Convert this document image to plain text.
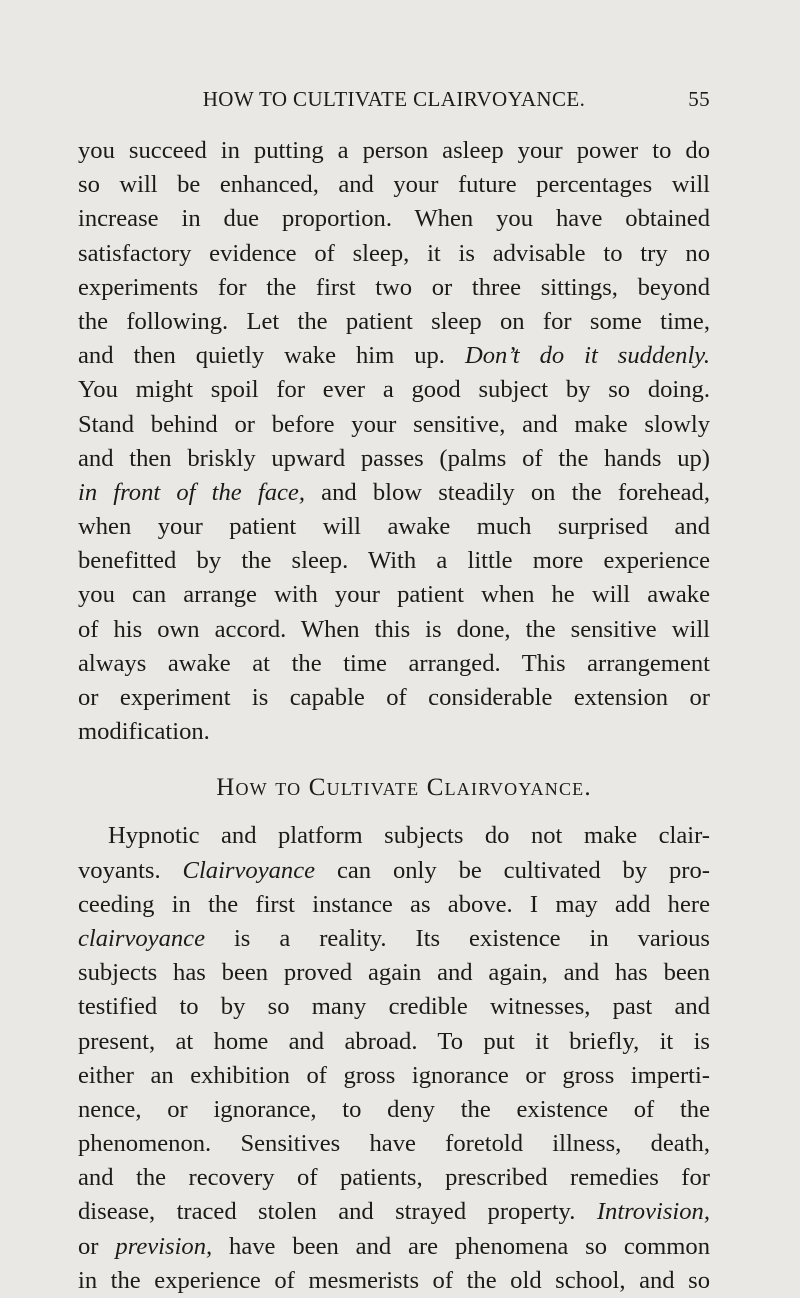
HOW TO CULTIVATE CLAIRVOYANCE.	55
you succeed in putting a person asleep your power to do
so will be enhanced, and your future percentages will
increase in due proportion. When you have obtained
satisfactory evidence of sleep, it is advisable to try no
experiments for the first two or three sittings, beyond
the following. Let the patient sleep on for some time,
and then quietly wake him up. Don’t do it suddenly.
You might spoil for ever a good subject by so doing.
Stand behind or before your sensitive, and make slowly
and then briskly upward passes (palms of the hands up)
in front of the face, and blow steadily on the forehead,
when your patient will awake much surprised and
benefitted by the sleep. With a little more experience
you can arrange with your patient when he will awake
of his own accord. When this is done, the sensitive will
always awake at the time arranged. This arrangement
or experiment is capable of considerable extension or
modification.
How to Cultivate Clairvoyance.
Hypnotic and platform subjects do not make clair-
voyants. Clairvoyance can only be cultivated by pro-
ceeding in the first instance as above. I may add here
clairvoyance is a reality. Its existence in various
subjects has been proved again and again, and has been
testified to by so many credible witnesses, past and
present, at home and abroad. To put it briefly, it is
either an exhibition of gross ignorance or gross imperti-
nence, or ignorance, to deny the existence of the
phenomenon. Sensitives have foretold illness, death,
and the recovery of patients, prescribed remedies for
disease, traced stolen and strayed property. Introvision,
or prevision, have been and are phenomena so common
in the experience of mesmerists of the old school, and so
